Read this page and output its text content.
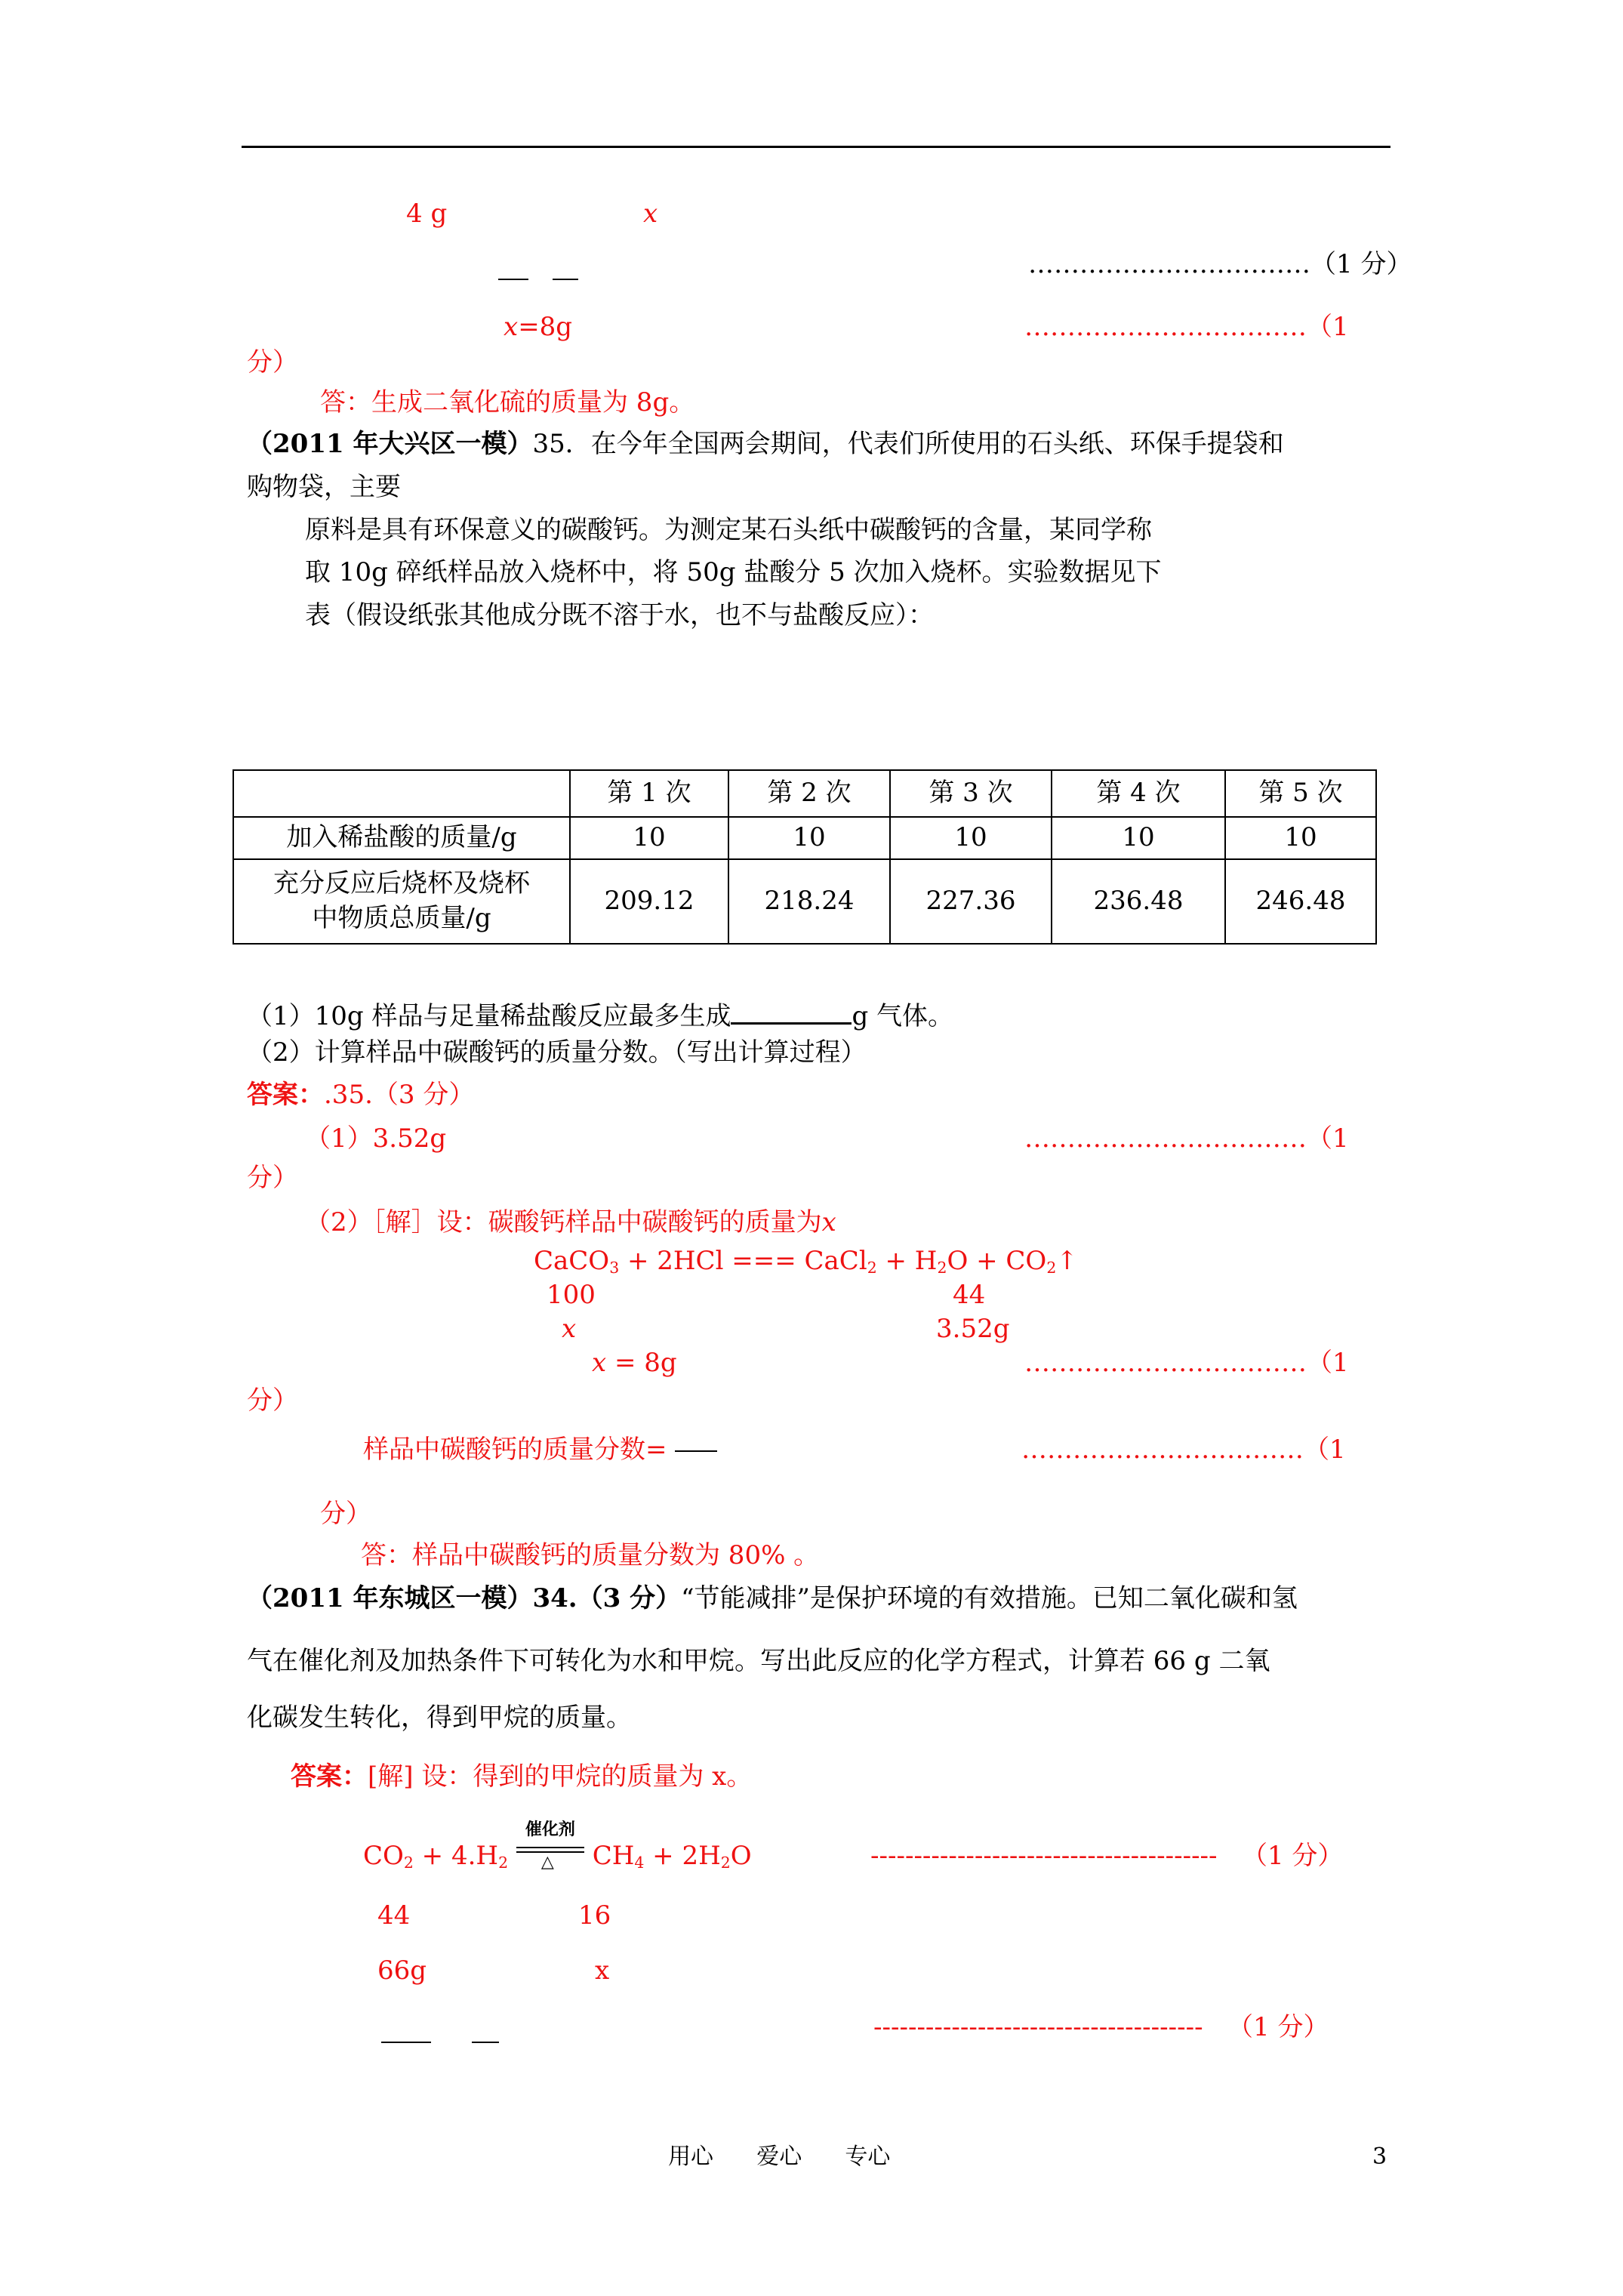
4 g	x

……………………………（1 分）
x=8g	……………………………（1
分）
答：生成二氧化硫的质量为 8g。
（2011 年大兴区一模）35．在今年全国两会期间，代表们所使用的石头纸、环保手提袋和
购物袋，主要
原料是具有环保意义的碳酸钙。为测定某石头纸中碳酸钙的含量，某同学称
取 10g 碎纸样品放入烧杯中，将 50g 盐酸分 5 次加入烧杯。实验数据见下
表（假设纸张其他成分既不溶于水，也不与盐酸反应）：
	第 1 次	第 2 次	第 3 次	第 4 次	第 5 次
加入稀盐酸的质量/g	10	10	10	10	10

充分反应后烧杯及烧杯
中物质总质量/g	209.12	218.24	227.36	236.48	246.48
（1）10g 样品与足量稀盐酸反应最多生成	g 气体。
（2）计算样品中碳酸钙的质量分数。（写出计算过程）
答案：.35.（3 分）
（1）3.52g	……………………………（1
分）
（2）［解］设：碳酸钙样品中碳酸钙的质量为x
CaCO$_3$ + 2HCl === CaCl$_2$ + $H_2O$ + $CO_2↑$
100	44
x	3.52g
x = 8g	……………………………（1
分）
样品中碳酸钙的质量分数=	……………………………（1
分）
答：样品中碳酸钙的质量分数为 80% 。
（2011 年东城区一模）34.（3 分）“节能减排”是保护环境的有效措施。已知二氧化碳和氢
气在催化剂及加热条件下可转化为水和甲烷。写出此反应的化学方程式，计算若 66 g 二氧
化碳发生转化，得到甲烷的质量。
答案：[解] 设：得到的甲烷的质量为 x。
$CO_2 + 4.H_2$
催化剂
△ $CH_4 + 2H_2O$	---------------------------------------- （1 分）
44	16
66g	x

-------------------------------------- （1 分）
用心      爱心      专心	3
